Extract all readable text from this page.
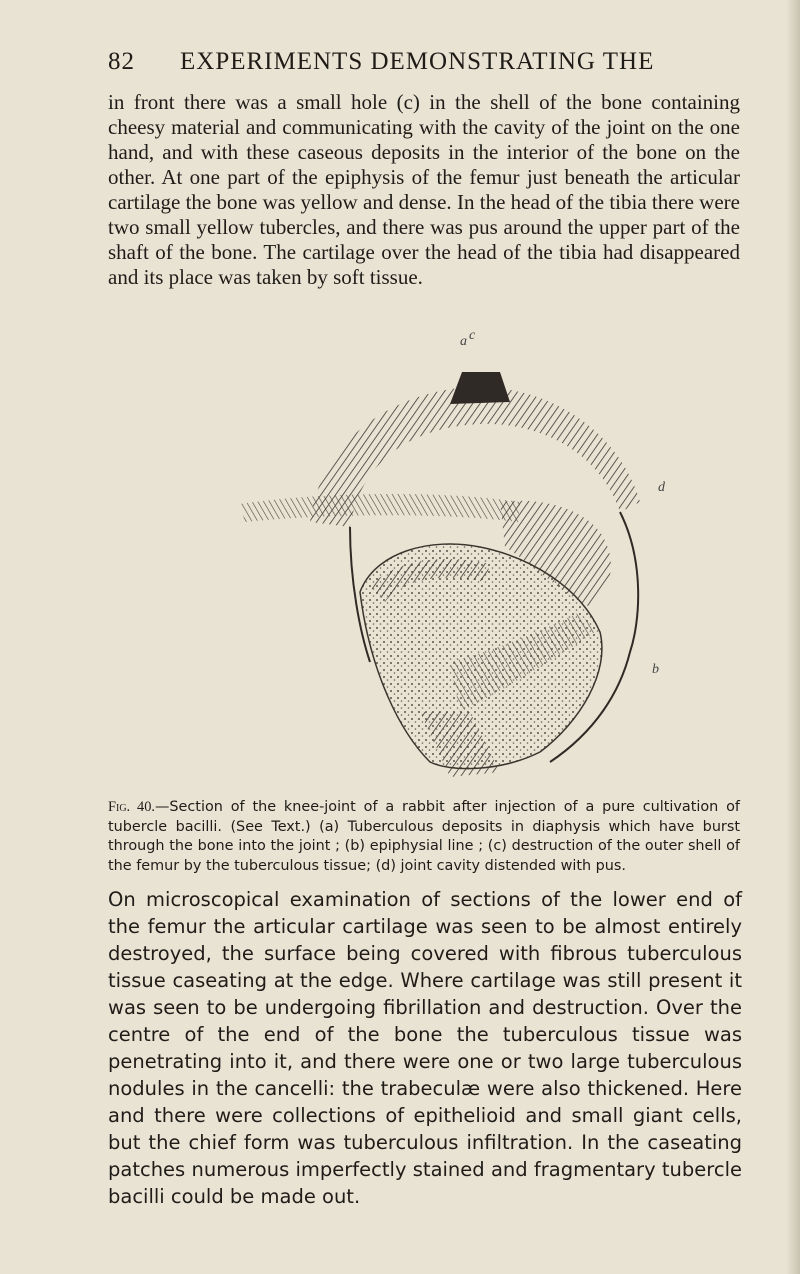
82 EXPERIMENTS DEMONSTRATING THE

in front there was a small hole (c) in the shell of the bone containing cheesy material and communicating with the cavity of the joint on the one hand, and with these caseous deposits in the interior of the bone on the other. At one part of the epiphysis of the femur just beneath the articular cartilage the bone was yellow and dense. In the head of the tibia there were two small yellow tubercles, and there was pus around the upper part of the shaft of the bone. The cartilage over the head of the tibia had disappeared and its place was taken by soft tissue.

a c
d
b
Fig. 40.—Section of the knee-joint of a rabbit after injection of a pure cultivation of tubercle bacilli. (See Text.) (a) Tuberculous deposits in diaphysis which have burst through the bone into the joint ; (b) epiphysial line ; (c) destruction of the outer shell of the femur by the tuberculous tissue; (d) joint cavity distended with pus.

On microscopical examination of sections of the lower end of the femur the articular cartilage was seen to be almost entirely destroyed, the surface being covered with fibrous tuberculous tissue caseating at the edge. Where cartilage was still present it was seen to be undergoing fibrillation and destruction. Over the centre of the end of the bone the tuberculous tissue was penetrating into it, and there were one or two large tuberculous nodules in the cancelli: the trabeculæ were also thickened. Here and there were collections of epithelioid and small giant cells, but the chief form was tuberculous infiltration. In the caseating patches numerous imperfectly stained and fragmentary tubercle bacilli could be made out.
